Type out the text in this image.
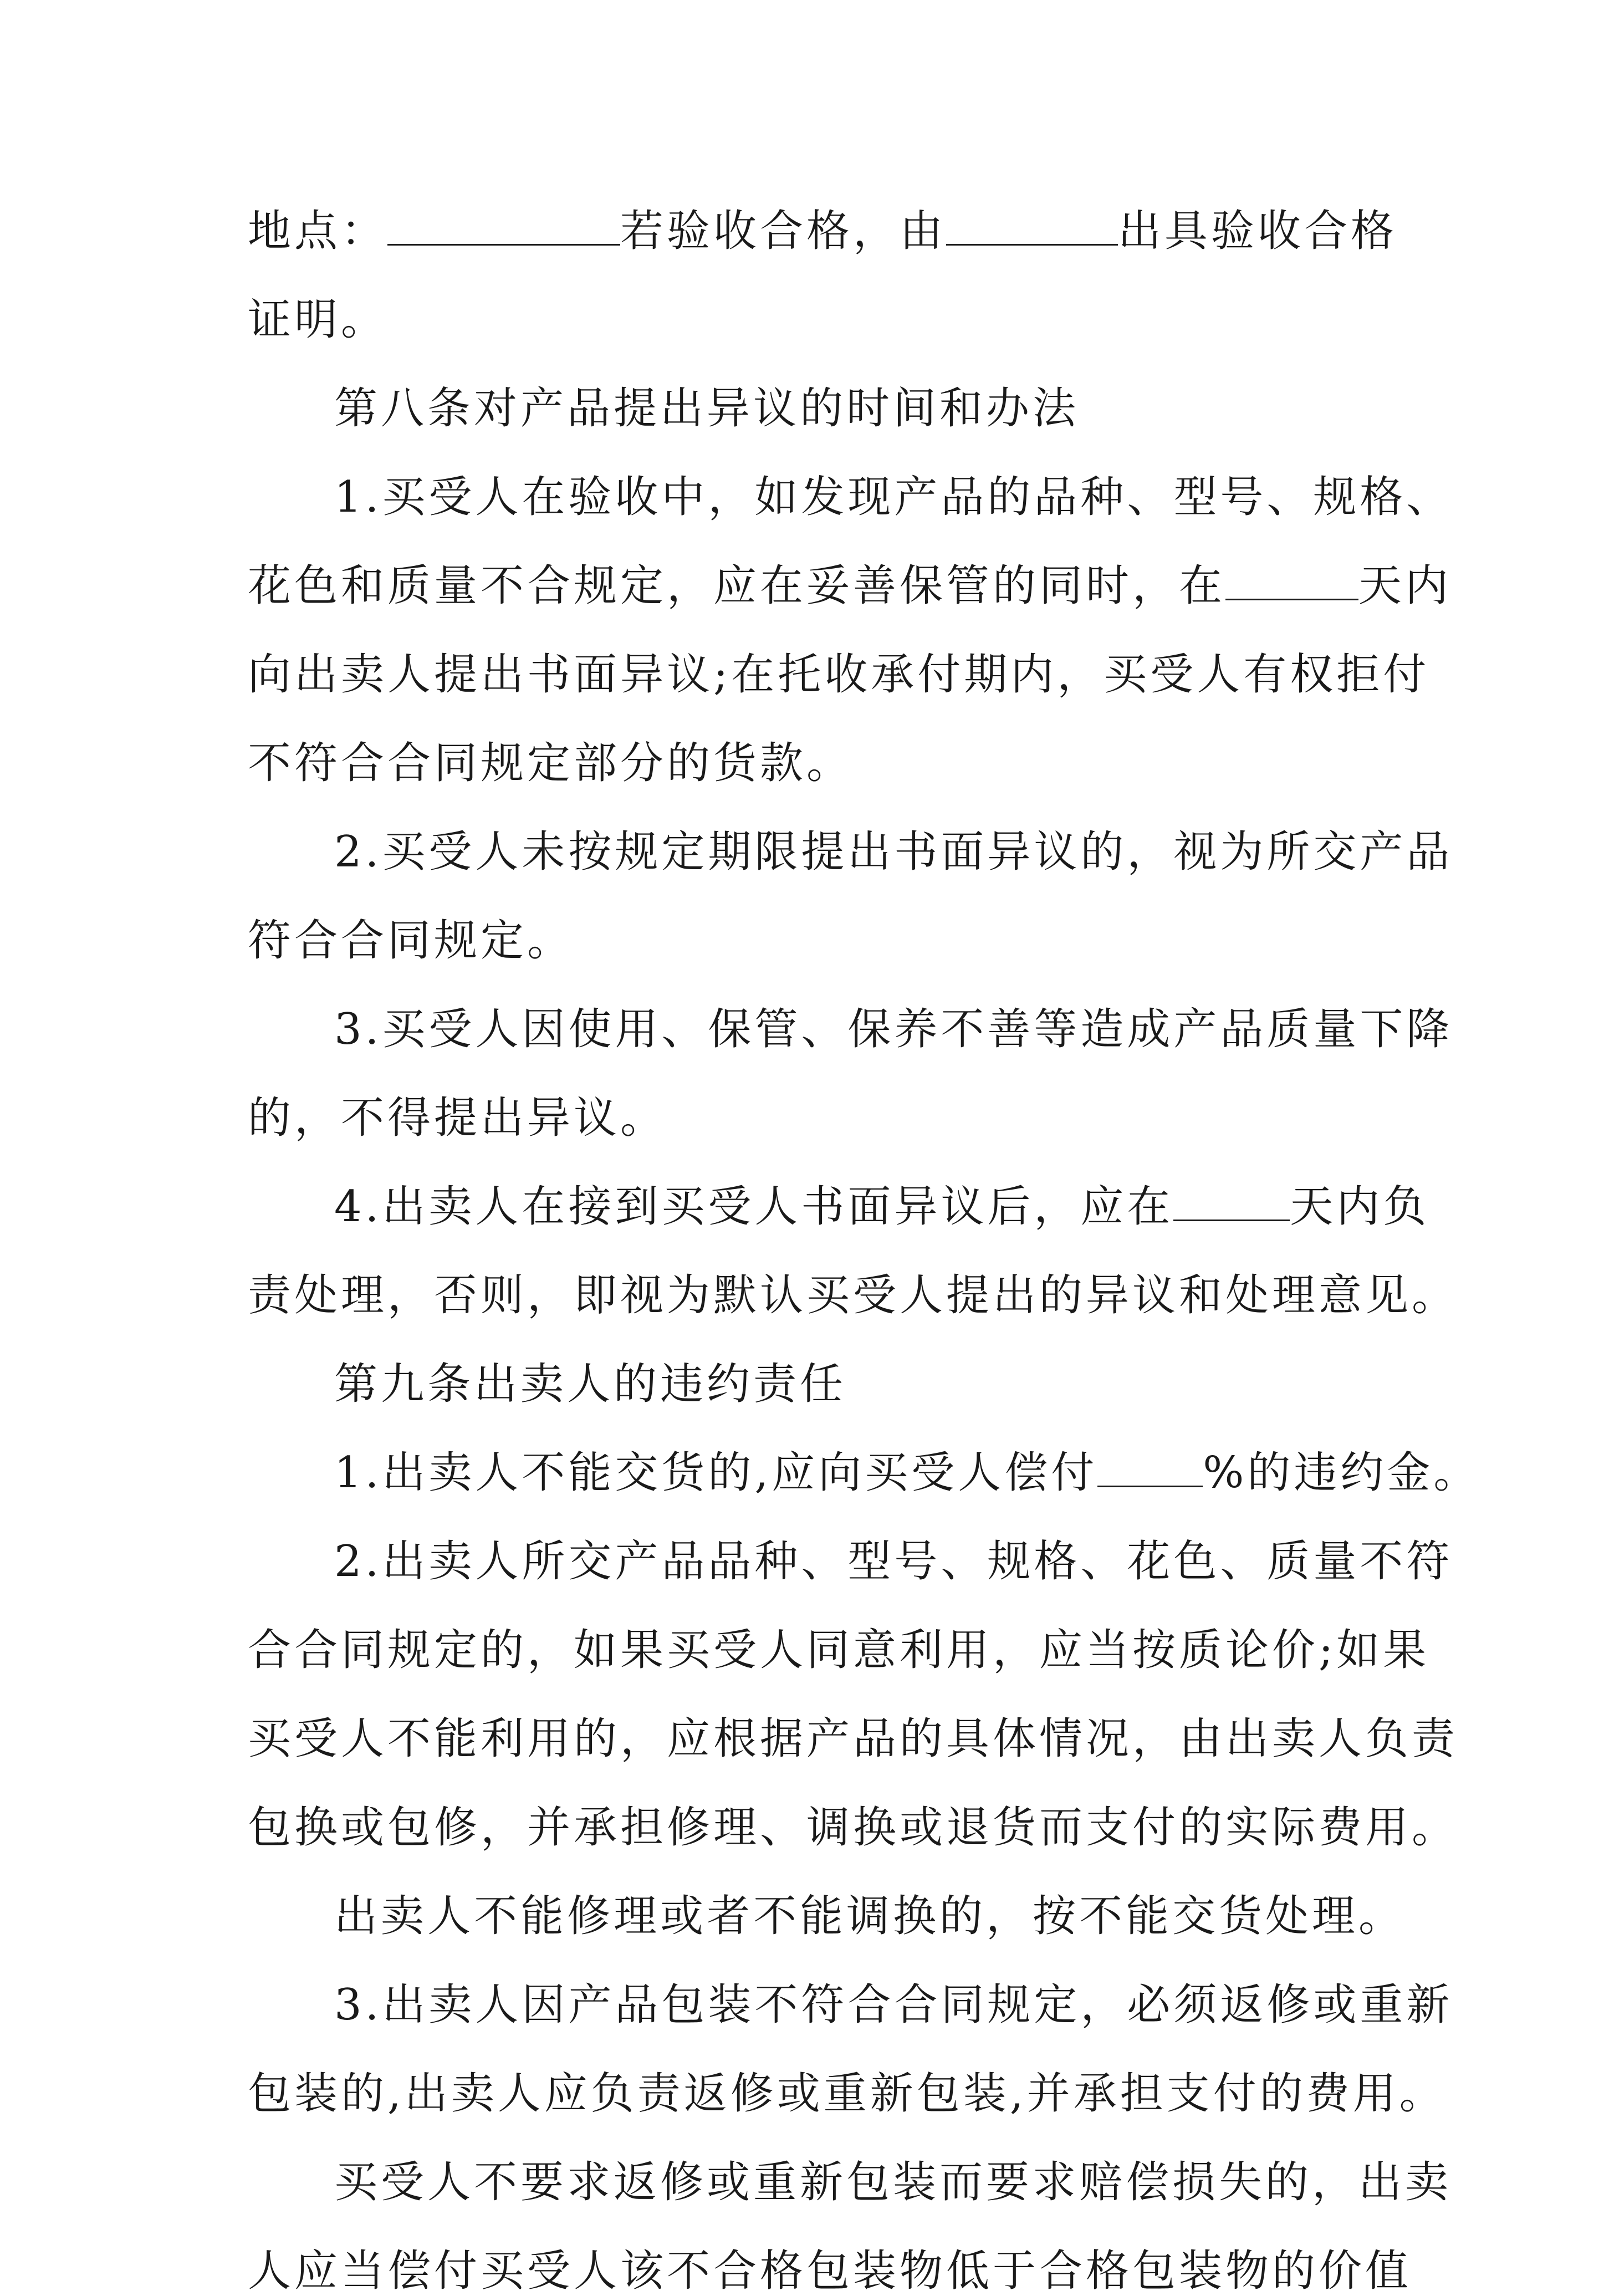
地点：	若验收合格，由	出具验收合格

证明。

第八条对产品提出异议的时间和办法

1.买受人在验收中，如发现产品的品种、型号、规格、

花色和质量不合规定，应在妥善保管的同时，在	天内

向出卖人提出书面异议;在托收承付期内，买受人有权拒付

不符合合同规定部分的货款。

2.买受人未按规定期限提出书面异议的，视为所交产品

符合合同规定。

3.买受人因使用、保管、保养不善等造成产品质量下降

的，不得提出异议。

4.出卖人在接到买受人书面异议后，应在	天内负

责处理，否则，即视为默认买受人提出的异议和处理意见。

第九条出卖人的违约责任

1.出卖人不能交货的,应向买受人偿付 %的违约金。

2.出卖人所交产品品种、型号、规格、花色、质量不符

合合同规定的，如果买受人同意利用，应当按质论价;如果

买受人不能利用的，应根据产品的具体情况，由出卖人负责

包换或包修，并承担修理、调换或退货而支付的实际费用。

出卖人不能修理或者不能调换的，按不能交货处理。

3.出卖人因产品包装不符合合同规定，必须返修或重新

包装的,出卖人应负责返修或重新包装,并承担支付的费用。

买受人不要求返修或重新包装而要求赔偿损失的，出卖

人应当偿付买受人该不合格包装物低于合格包装物的价值
